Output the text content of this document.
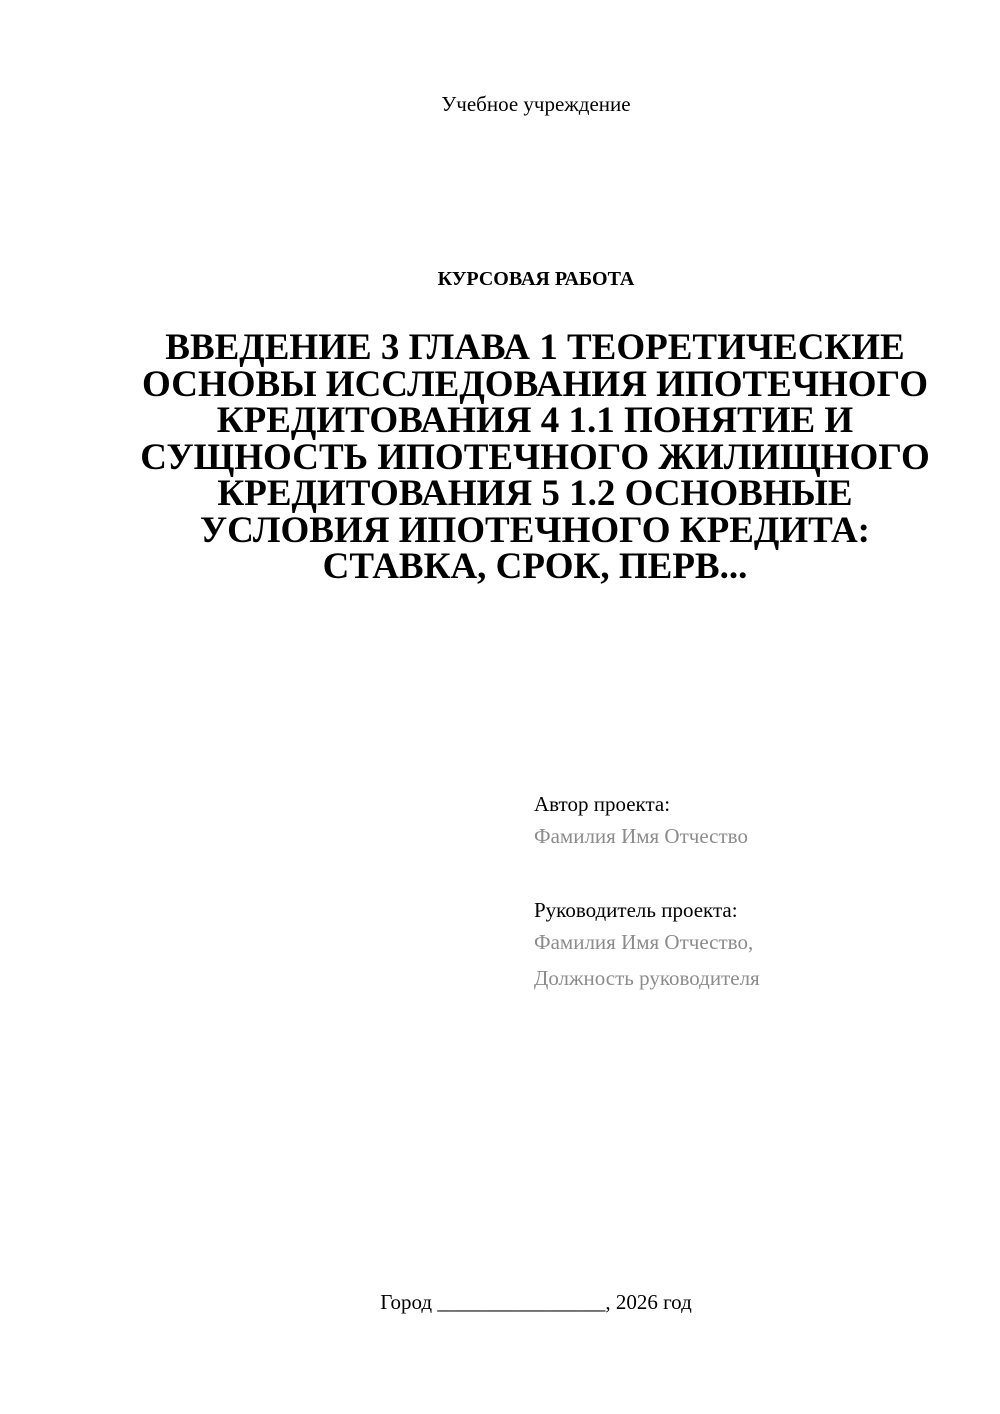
Учебное учреждение
КУРСОВАЯ РАБОТА
ВВЕДЕНИЕ 3 ГЛАВА 1 ТЕОРЕТИЧЕСКИЕ ОСНОВЫ ИССЛЕДОВАНИЯ ИПОТЕЧНОГО КРЕДИТОВАНИЯ 4 1.1 ПОНЯТИЕ И СУЩНОСТЬ ИПОТЕЧНОГО ЖИЛИЩНОГО КРЕДИТОВАНИЯ 5 1.2 ОСНОВНЫЕ УСЛОВИЯ ИПОТЕЧНОГО КРЕДИТА: СТАВКА, СРОК, ПЕРВ...
Автор проекта:
Фамилия Имя Отчество
Руководитель проекта:
Фамилия Имя Отчество,
Должность руководителя
Город ________________, 2026 год
